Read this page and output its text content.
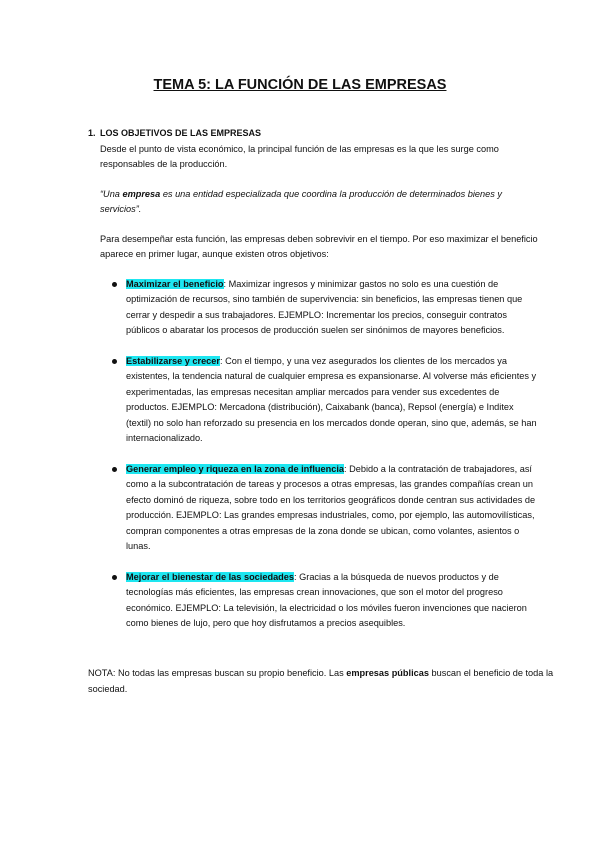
TEMA 5: LA FUNCIÓN DE LAS EMPRESAS
1. LOS OBJETIVOS DE LAS EMPRESAS
Desde el punto de vista económico, la principal función de las empresas es la que les surge como responsables de la producción.
“Una empresa es una entidad especializada que coordina la producción de determinados bienes y servicios”.
Para desempeñar esta función, las empresas deben sobrevivir en el tiempo. Por eso maximizar el beneficio aparece en primer lugar, aunque existen otros objetivos:
Maximizar el beneficio: Maximizar ingresos y minimizar gastos no solo es una cuestión de optimización de recursos, sino también de supervivencia: sin beneficios, las empresas tienen que cerrar y despedir a sus trabajadores. EJEMPLO: Incrementar los precios, conseguir contratos públicos o abaratar los procesos de producción suelen ser sinónimos de mayores beneficios.
Estabilizarse y crecer: Con el tiempo, y una vez asegurados los clientes de los mercados ya existentes, la tendencia natural de cualquier empresa es expansionarse. Al volverse más eficientes y experimentadas, las empresas necesitan ampliar mercados para vender sus excedentes de productos. EJEMPLO: Mercadona (distribución), Caixabank (banca), Repsol (energía) e Inditex (textil) no solo han reforzado su presencia en los mercados donde operan, sino que, además, se han internacionalizado.
Generar empleo y riqueza en la zona de influencia: Debido a la contratación de trabajadores, así como a la subcontratación de tareas y procesos a otras empresas, las grandes compañías crean un efecto dominó de riqueza, sobre todo en los territorios geográficos donde centran sus actividades de producción. EJEMPLO: Las grandes empresas industriales, como, por ejemplo, las automovilísticas, compran componentes a otras empresas de la zona donde se ubican, como volantes, asientos o lunas.
Mejorar el bienestar de las sociedades: Gracias a la búsqueda de nuevos productos y de tecnologías más eficientes, las empresas crean innovaciones, que son el motor del progreso económico. EJEMPLO: La televisión, la electricidad o los móviles fueron invenciones que nacieron como bienes de lujo, pero que hoy disfrutamos a precios asequibles.
NOTA: No todas las empresas buscan su propio beneficio. Las empresas públicas buscan el beneficio de toda la sociedad.
